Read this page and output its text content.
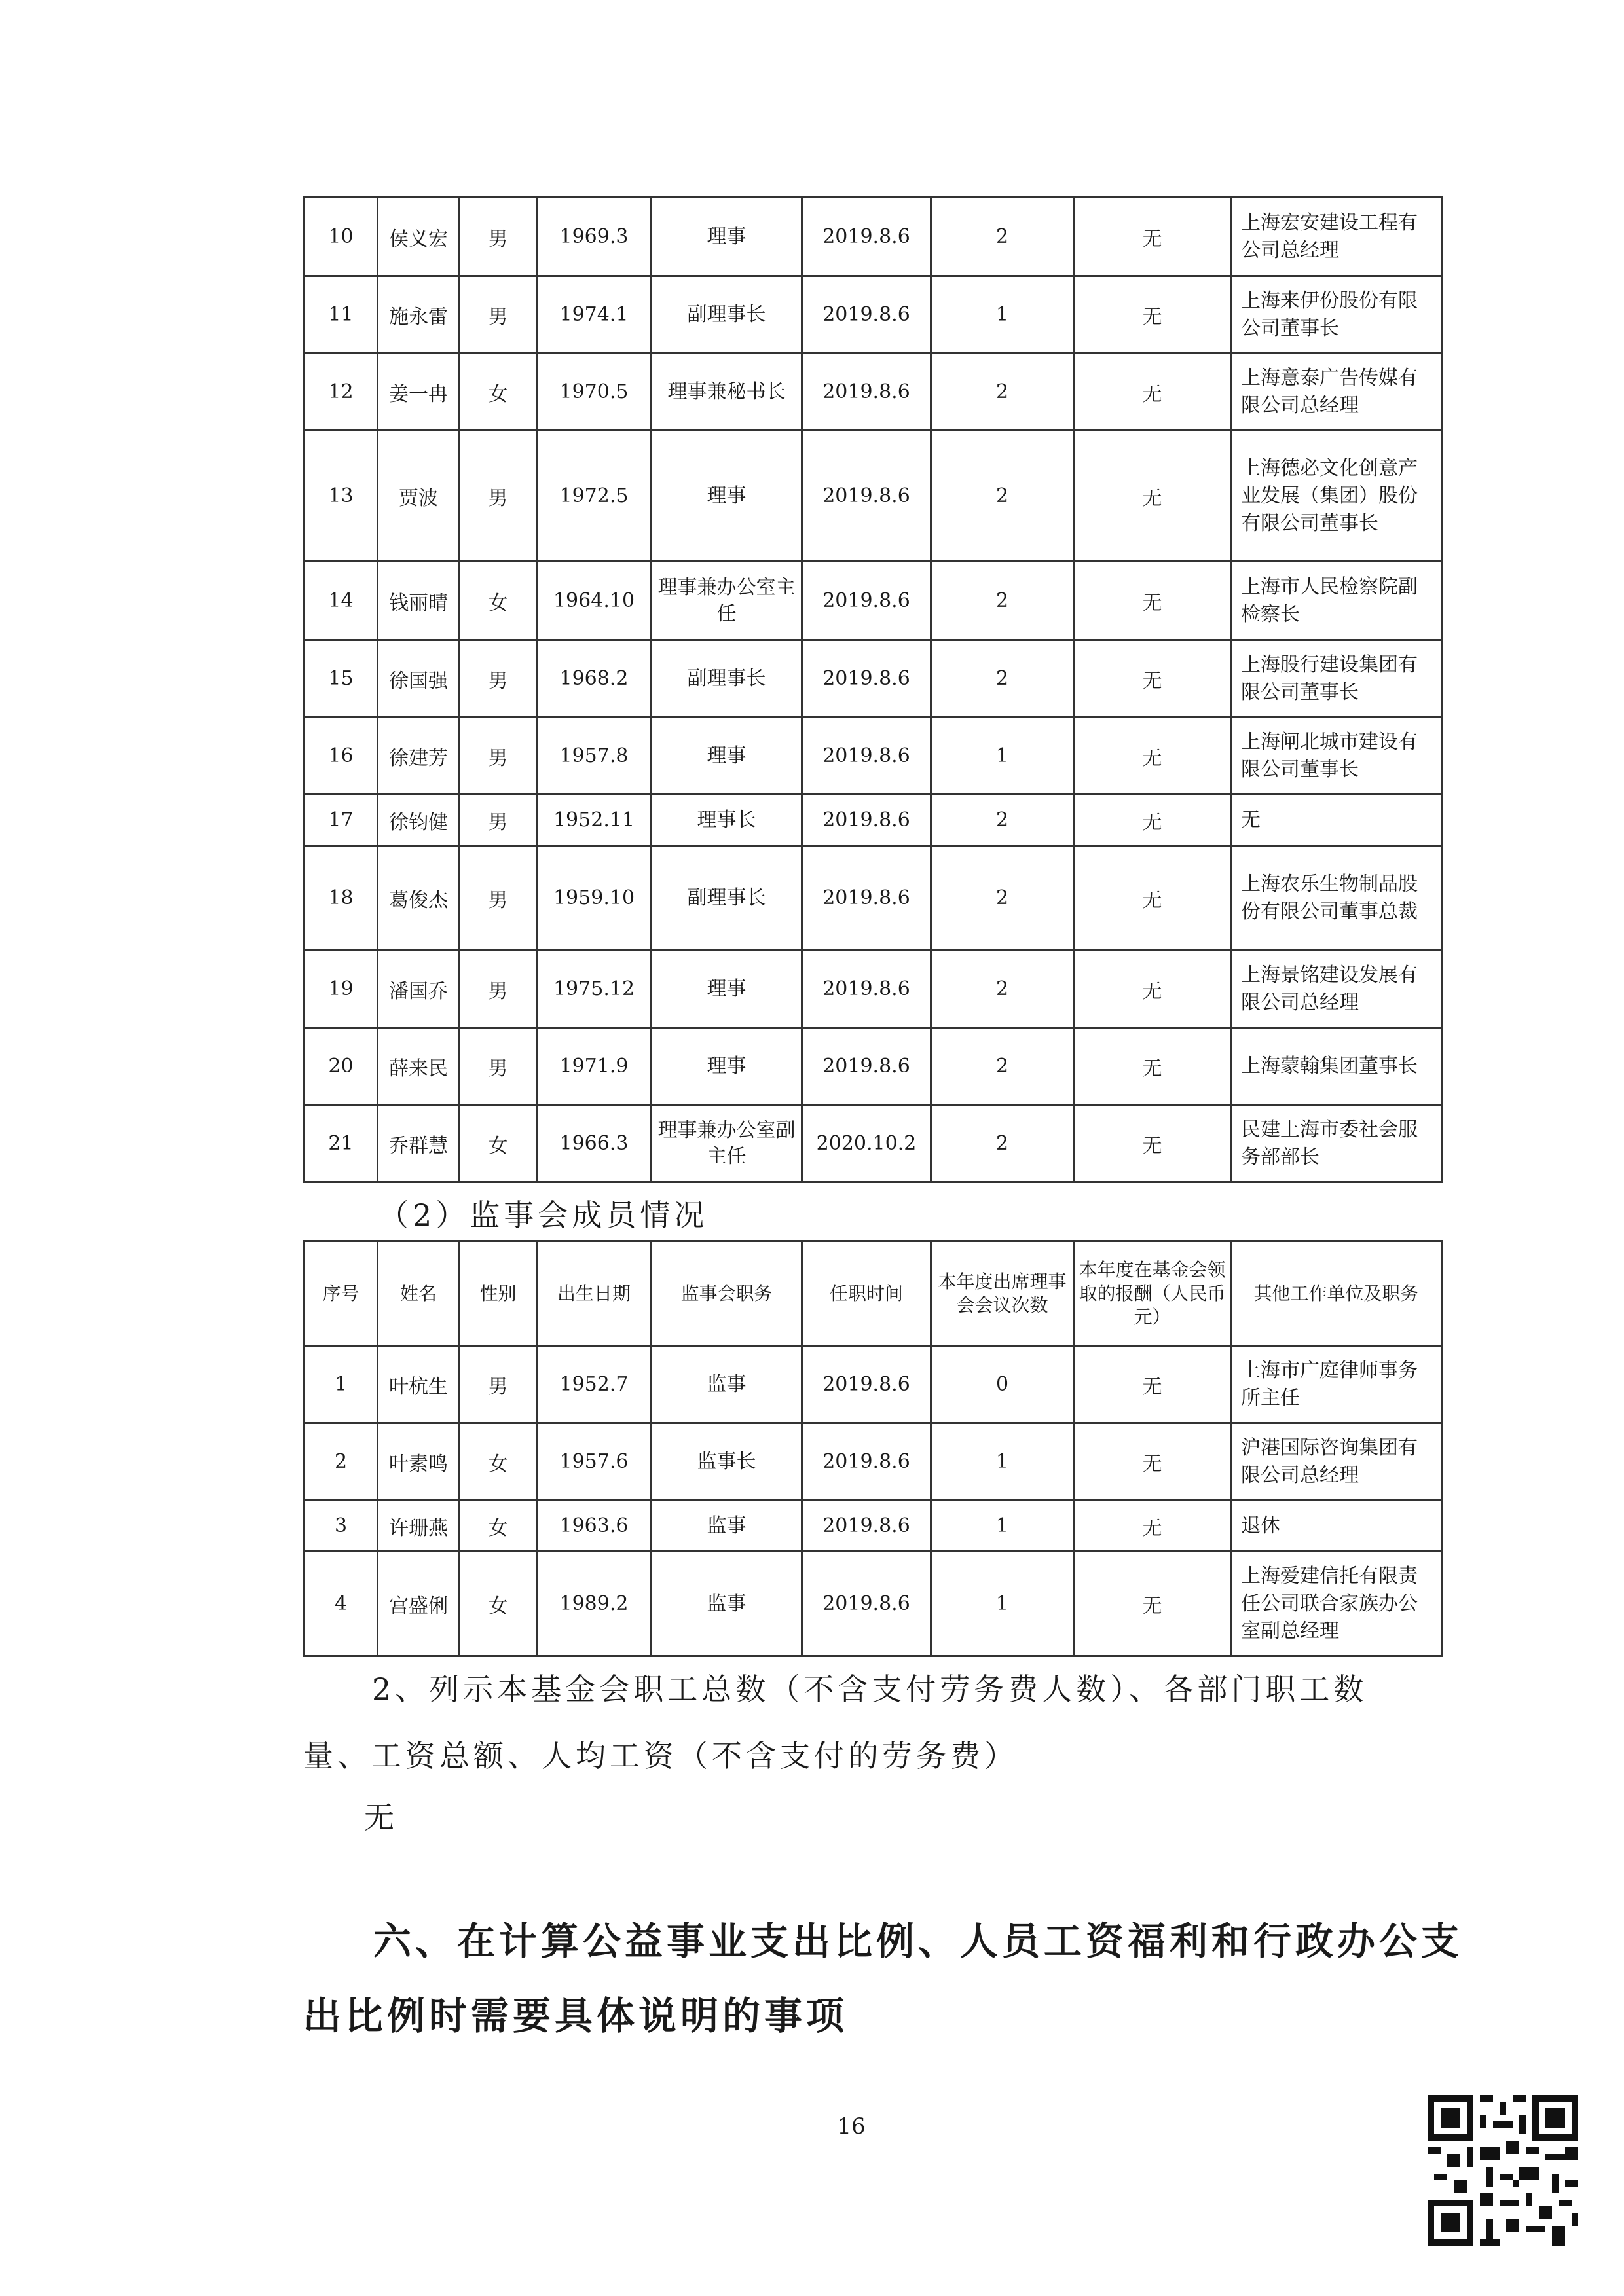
10	侯义宏	男	1969.3	理事	2019.8.6	2	无	上海宏安建设工程有公司总经理
11	施永雷	男	1974.1	副理事长	2019.8.6	1	无	上海来伊份股份有限公司董事长
12	姜一冉	女	1970.5	理事兼秘书长	2019.8.6	2	无	上海意泰广告传媒有限公司总经理
13	贾波	男	1972.5	理事	2019.8.6	2	无	上海德必文化创意产业发展（集团）股份有限公司董事长
14	钱丽晴	女	1964.10	理事兼办公室主任	2019.8.6	2	无	上海市人民检察院副检察长
15	徐国强	男	1968.2	副理事长	2019.8.6	2	无	上海股行建设集团有限公司董事长
16	徐建芳	男	1957.8	理事	2019.8.6	1	无	上海闸北城市建设有限公司董事长
17	徐钧健	男	1952.11	理事长	2019.8.6	2	无	无
18	葛俊杰	男	1959.10	副理事长	2019.8.6	2	无	上海农乐生物制品股份有限公司董事总裁
19	潘国乔	男	1975.12	理事	2019.8.6	2	无	上海景铭建设发展有限公司总经理
20	薛来民	男	1971.9	理事	2019.8.6	2	无	上海蒙翰集团董事长
21	乔群慧	女	1966.3	理事兼办公室副主任	2020.10.2	2	无	民建上海市委社会服务部部长

（2）监事会成员情况

序号	姓名	性别	出生日期	监事会职务	任职时间	本年度出席理事会会议次数	本年度在基金会领取的报酬（人民币元）	其他工作单位及职务
1	叶杭生	男	1952.7	监事	2019.8.6	0	无	上海市广庭律师事务所主任
2	叶素鸣	女	1957.6	监事长	2019.8.6	1	无	沪港国际咨询集团有限公司总经理
3	许珊燕	女	1963.6	监事	2019.8.6	1	无	退休
4	宫盛俐	女	1989.2	监事	2019.8.6	1	无	上海爱建信托有限责任公司联合家族办公室副总经理

2、列示本基金会职工总数（不含支付劳务费人数）、各部门职工数

量、工资总额、人均工资（不含支付的劳务费）

无

六、在计算公益事业支出比例、人员工资福利和行政办公支

出比例时需要具体说明的事项

16
